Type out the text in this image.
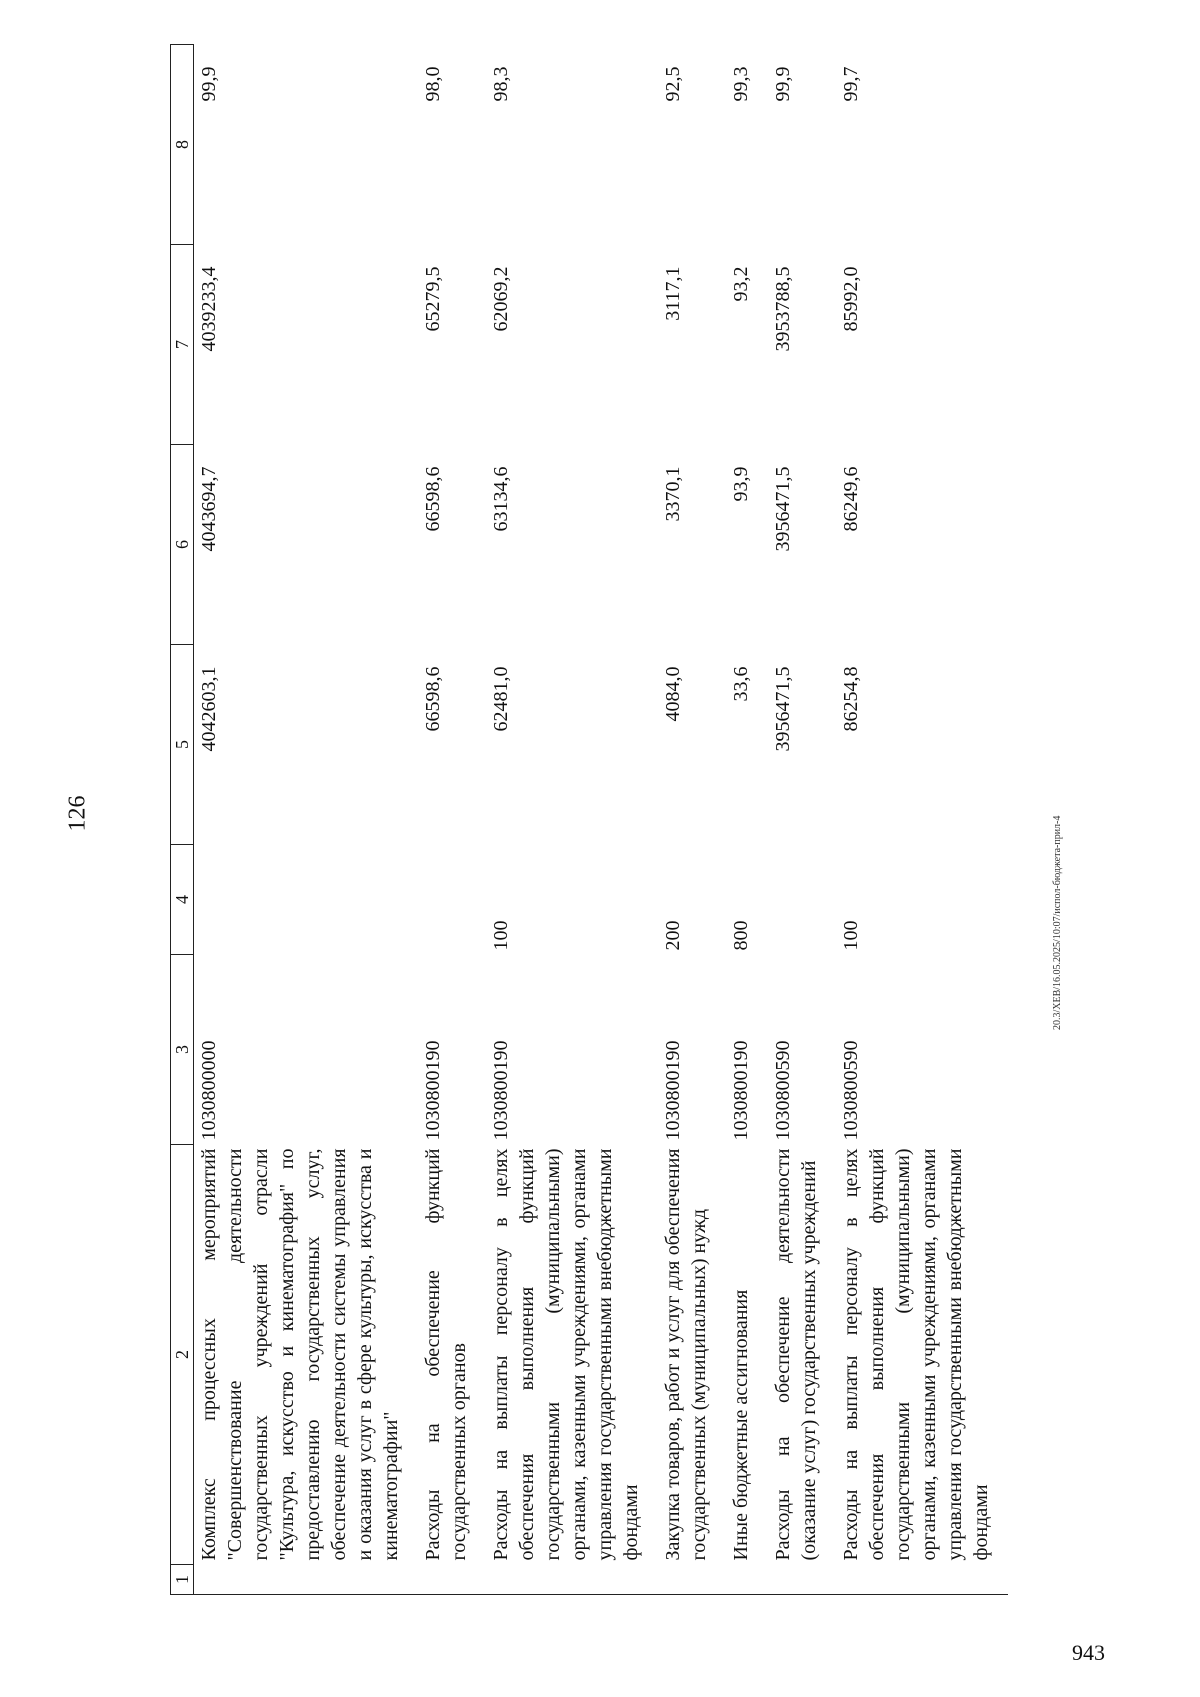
126
1	2	3	4	5	6	7	8
	Комплекс процессных мероприятий "Совершенствование деятельности государственных учреждений отрасли "Культура, искусство и кинематография" по предоставлению государственных услуг, обеспечение деятельности системы управления и оказания услуг в сфере культуры, искусства и кинематографии"	1030800000		4042603,1	4043694,7	4039233,4	99,9
	Расходы на обеспечение функций государственных органов	1030800190		66598,6	66598,6	65279,5	98,0
	Расходы на выплаты персоналу в целях обеспечения выполнения функций государственными (муниципальными) органами, казенными учреждениями, органами управления государственными внебюджетными фондами	1030800190	100	62481,0	63134,6	62069,2	98,3
	Закупка товаров, работ и услуг для обеспечения государственных (муниципальных) нужд	1030800190	200	4084,0	3370,1	3117,1	92,5
	Иные бюджетные ассигнования	1030800190	800	33,6	93,9	93,2	99,3
	Расходы на обеспечение деятельности (оказание услуг) государственных учреждений	1030800590		3956471,5	3956471,5	3953788,5	99,9
	Расходы на выплаты персоналу в целях обеспечения выполнения функций государственными (муниципальными) органами, казенными учреждениями, органами управления государственными внебюджетными фондами	1030800590	100	86254,8	86249,6	85992,0	99,7
20.3/XEB/16.05.2025/10:07/испол-бюджета-прил-4
943
